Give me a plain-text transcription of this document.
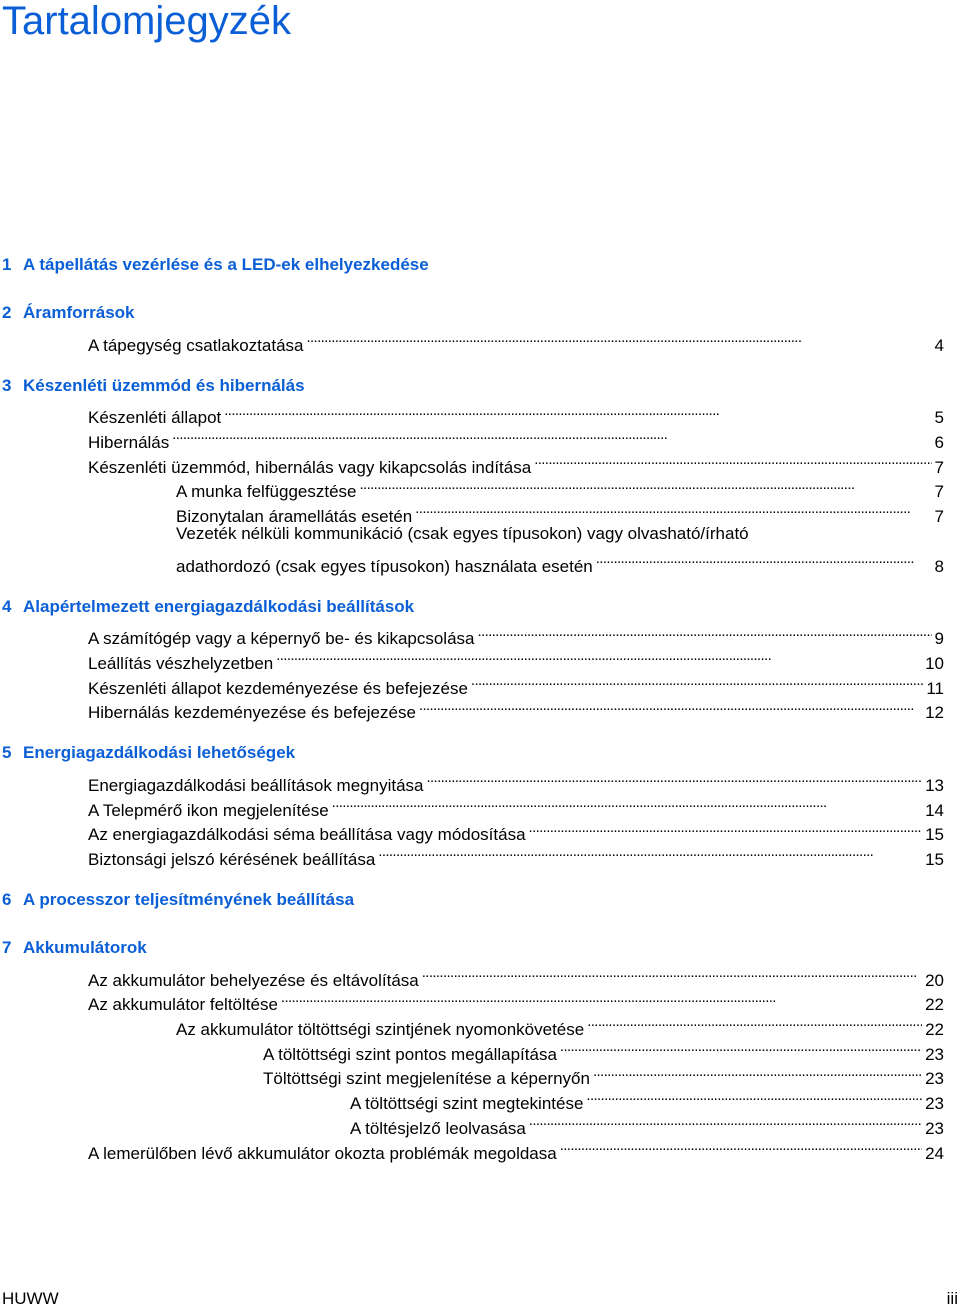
Tartalomjegyzék
1 A tápellátás vezérlése és a LED-ek elhelyezkedése
2 Áramforrások
A tápegység csatlakoztatása . . .	4
3 Készenléti üzemmód és hibernálás
Készenléti állapot . . .	5
Hibernálás . . .	6
Készenléti üzemmód, hibernálás vagy kikapcsolás indítása . . .	7
A munka felfüggesztése . . .	7
Bizonytalan áramellátás esetén . . .	7
Vezeték nélküli kommunikáció (csak egyes típusokon) vagy olvasható/írható
adathordozó (csak egyes típusokon) használata esetén . . .	8
4 Alapértelmezett energiagazdálkodási beállítások
A számítógép vagy a képernyő be- és kikapcsolása . . .	9
Leállítás vészhelyzetben . . .	10
Készenléti állapot kezdeményezése és befejezése . . .	11
Hibernálás kezdeményezése és befejezése . . .	12
5 Energiagazdálkodási lehetőségek
Energiagazdálkodási beállítások megnyitása . . .	13
A Telepmérő ikon megjelenítése . . .	14
Az energiagazdálkodási séma beállítása vagy módosítása . . .	15
Biztonsági jelszó kérésének beállítása . . .	15
6 A processzor teljesítményének beállítása
7 Akkumulátorok
Az akkumulátor behelyezése és eltávolítása . . .	20
Az akkumulátor feltöltése . . .	22
Az akkumulátor töltöttségi szintjének nyomonkövetése . . .	22
A töltöttségi szint pontos megállapítása . . .	23
Töltöttségi szint megjelenítése a képernyőn . . .	23
A töltöttségi szint megtekintése . . .	23
A töltésjelző leolvasása . . .	23
A lemerülőben lévő akkumulátor okozta problémák megoldasa . . .	24
HUWW	iii
